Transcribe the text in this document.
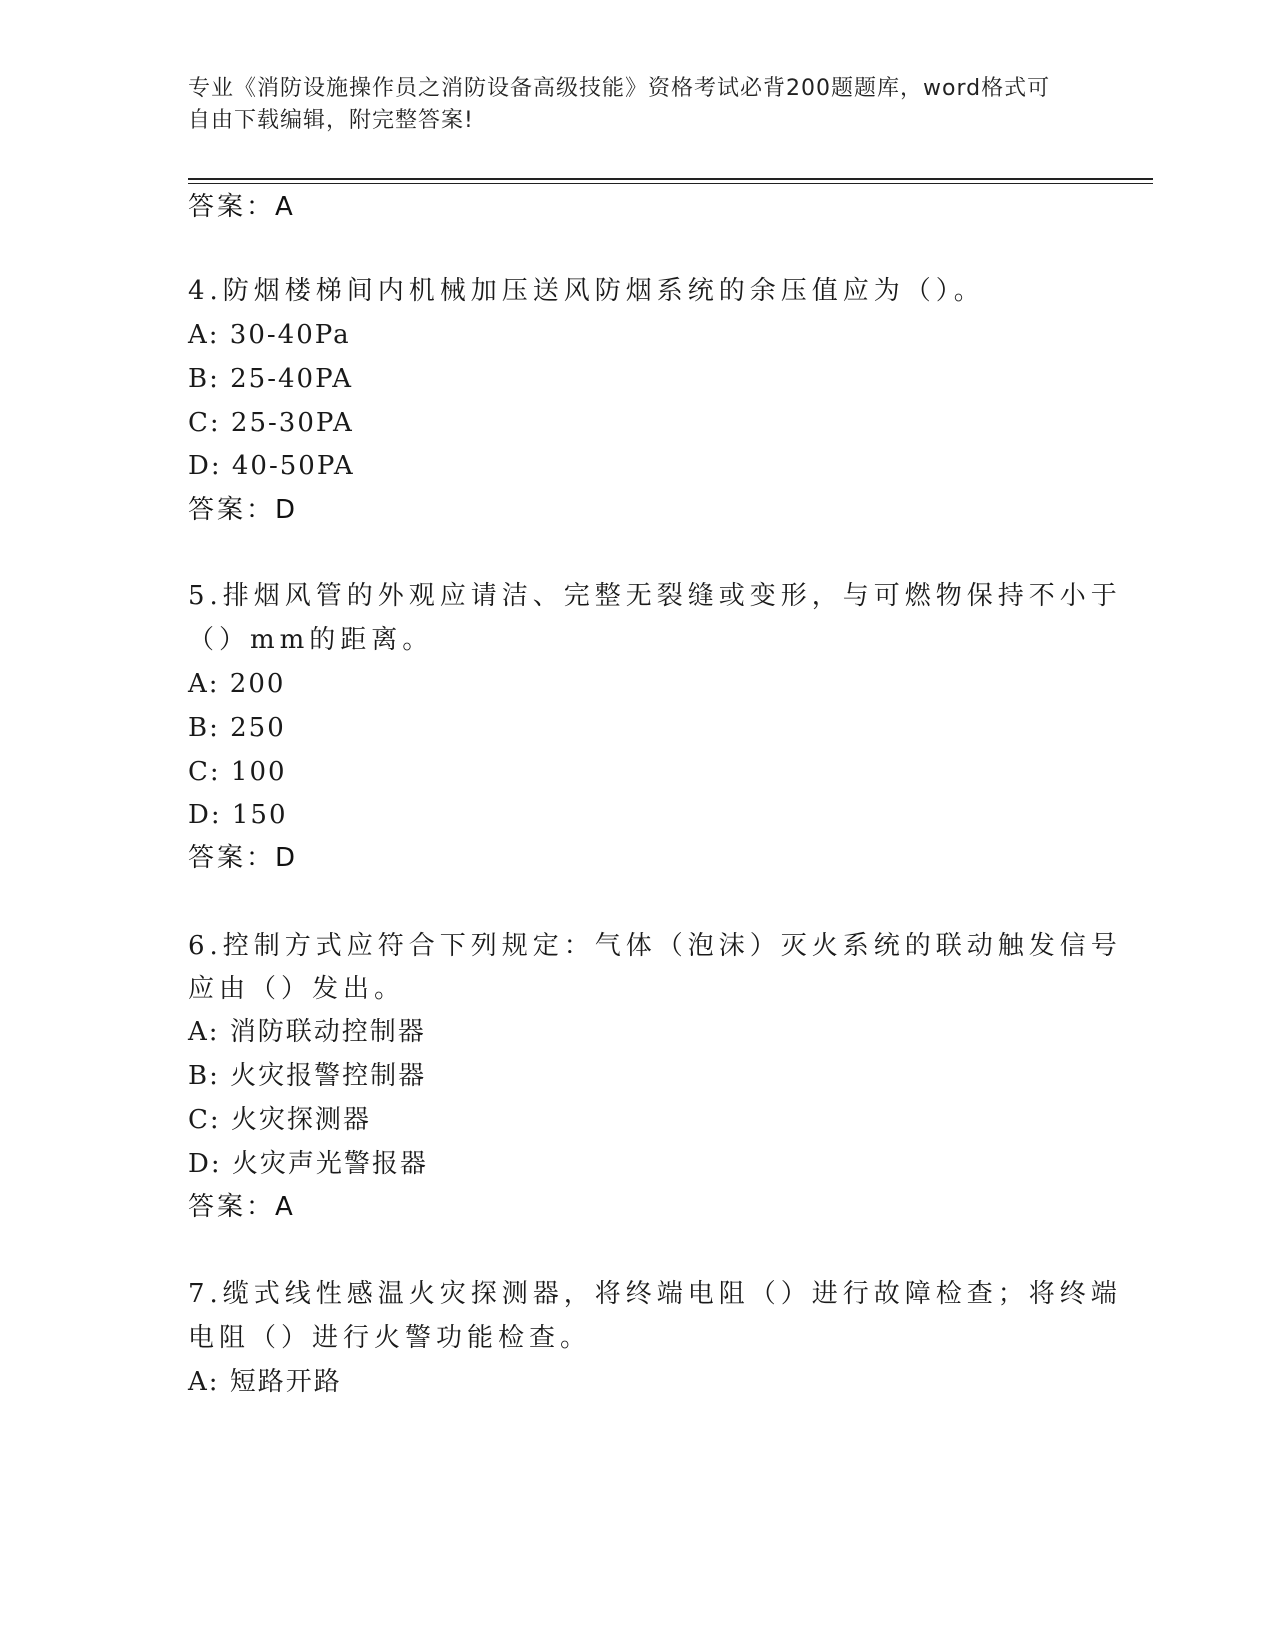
专业《消防设施操作员之消防设备高级技能》资格考试必背200题题库，word格式可自由下载编辑，附完整答案!
答案：A
4.防烟楼梯间内机械加压送风防烟系统的余压值应为（）。
A: 30-40Pa
B: 25-40PA
C: 25-30PA
D: 40-50PA
答案：D
5.排烟风管的外观应请洁、完整无裂缝或变形，与可燃物保持不小于
（）mm的距离。
A: 200
B: 250
C: 100
D: 150
答案：D
6.控制方式应符合下列规定：气体（泡沫）灭火系统的联动触发信号
应由（）发出。
A: 消防联动控制器
B: 火灾报警控制器
C: 火灾探测器
D: 火灾声光警报器
答案：A
7.缆式线性感温火灾探测器，将终端电阻（）进行故障检查；将终端
电阻（）进行火警功能检查。
A: 短路开路
